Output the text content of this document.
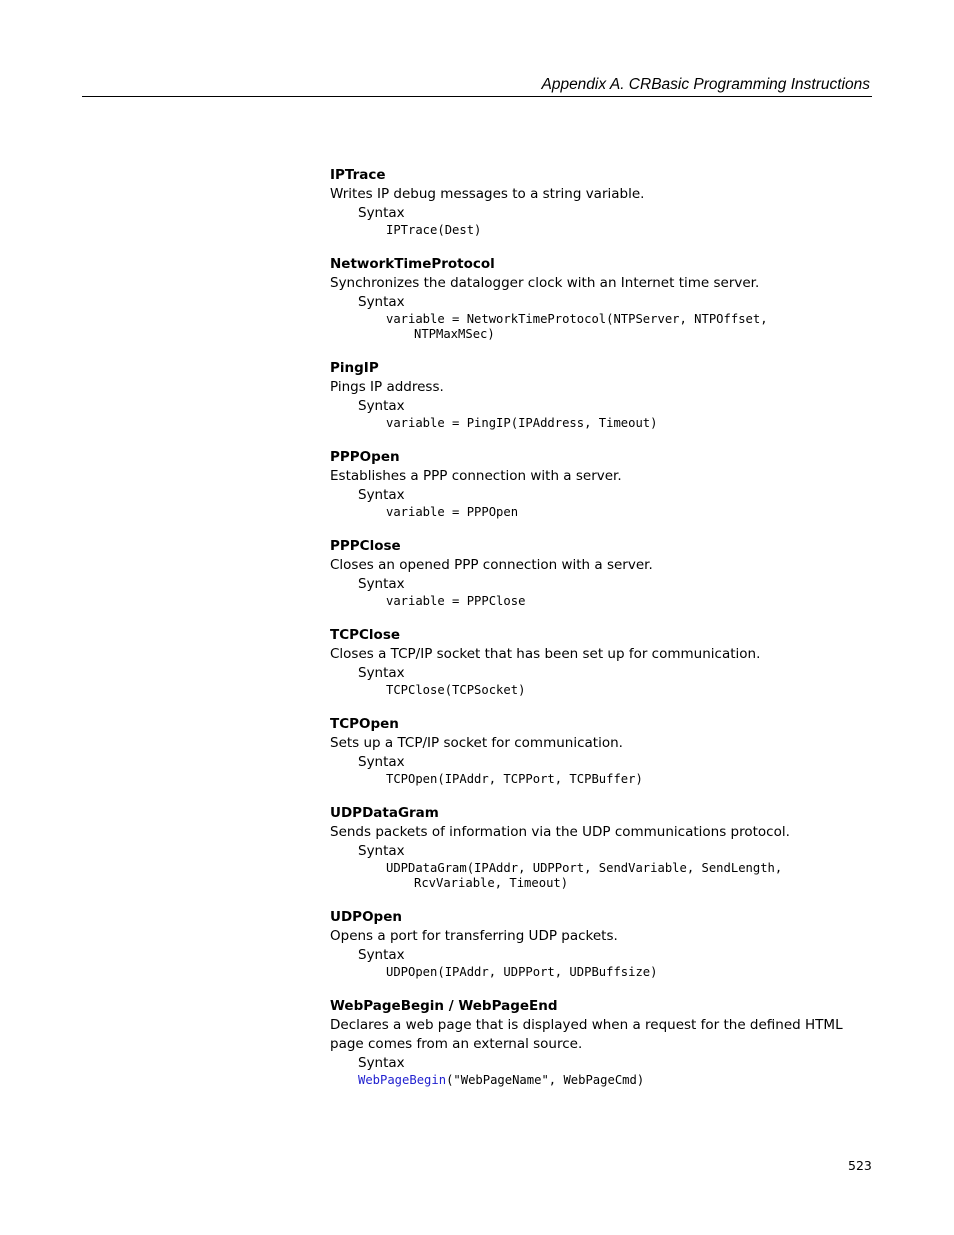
Appendix A. CRBasic Programming Instructions
IPTrace
Writes IP debug messages to a string variable.
Syntax
IPTrace(Dest)
NetworkTimeProtocol
Synchronizes the datalogger clock with an Internet time server.
Syntax
variable = NetworkTimeProtocol(NTPServer, NTPOffset,
NTPMaxMSec)
PingIP
Pings IP address.
Syntax
variable = PingIP(IPAddress, Timeout)
PPPOpen
Establishes a PPP connection with a server.
Syntax
variable = PPPOpen
PPPClose
Closes an opened PPP connection with a server.
Syntax
variable = PPPClose
TCPClose
Closes a TCP/IP socket that has been set up for communication.
Syntax
TCPClose(TCPSocket)
TCPOpen
Sets up a TCP/IP socket for communication.
Syntax
TCPOpen(IPAddr, TCPPort, TCPBuffer)
UDPDataGram
Sends packets of information via the UDP communications protocol.
Syntax
UDPDataGram(IPAddr, UDPPort, SendVariable, SendLength,
RcvVariable, Timeout)
UDPOpen
Opens a port for transferring UDP packets.
Syntax
UDPOpen(IPAddr, UDPPort, UDPBuffsize)
WebPageBegin / WebPageEnd
Declares a web page that is displayed when a request for the defined HTML page comes from an external source.
Syntax
WebPageBegin("WebPageName", WebPageCmd)
523
